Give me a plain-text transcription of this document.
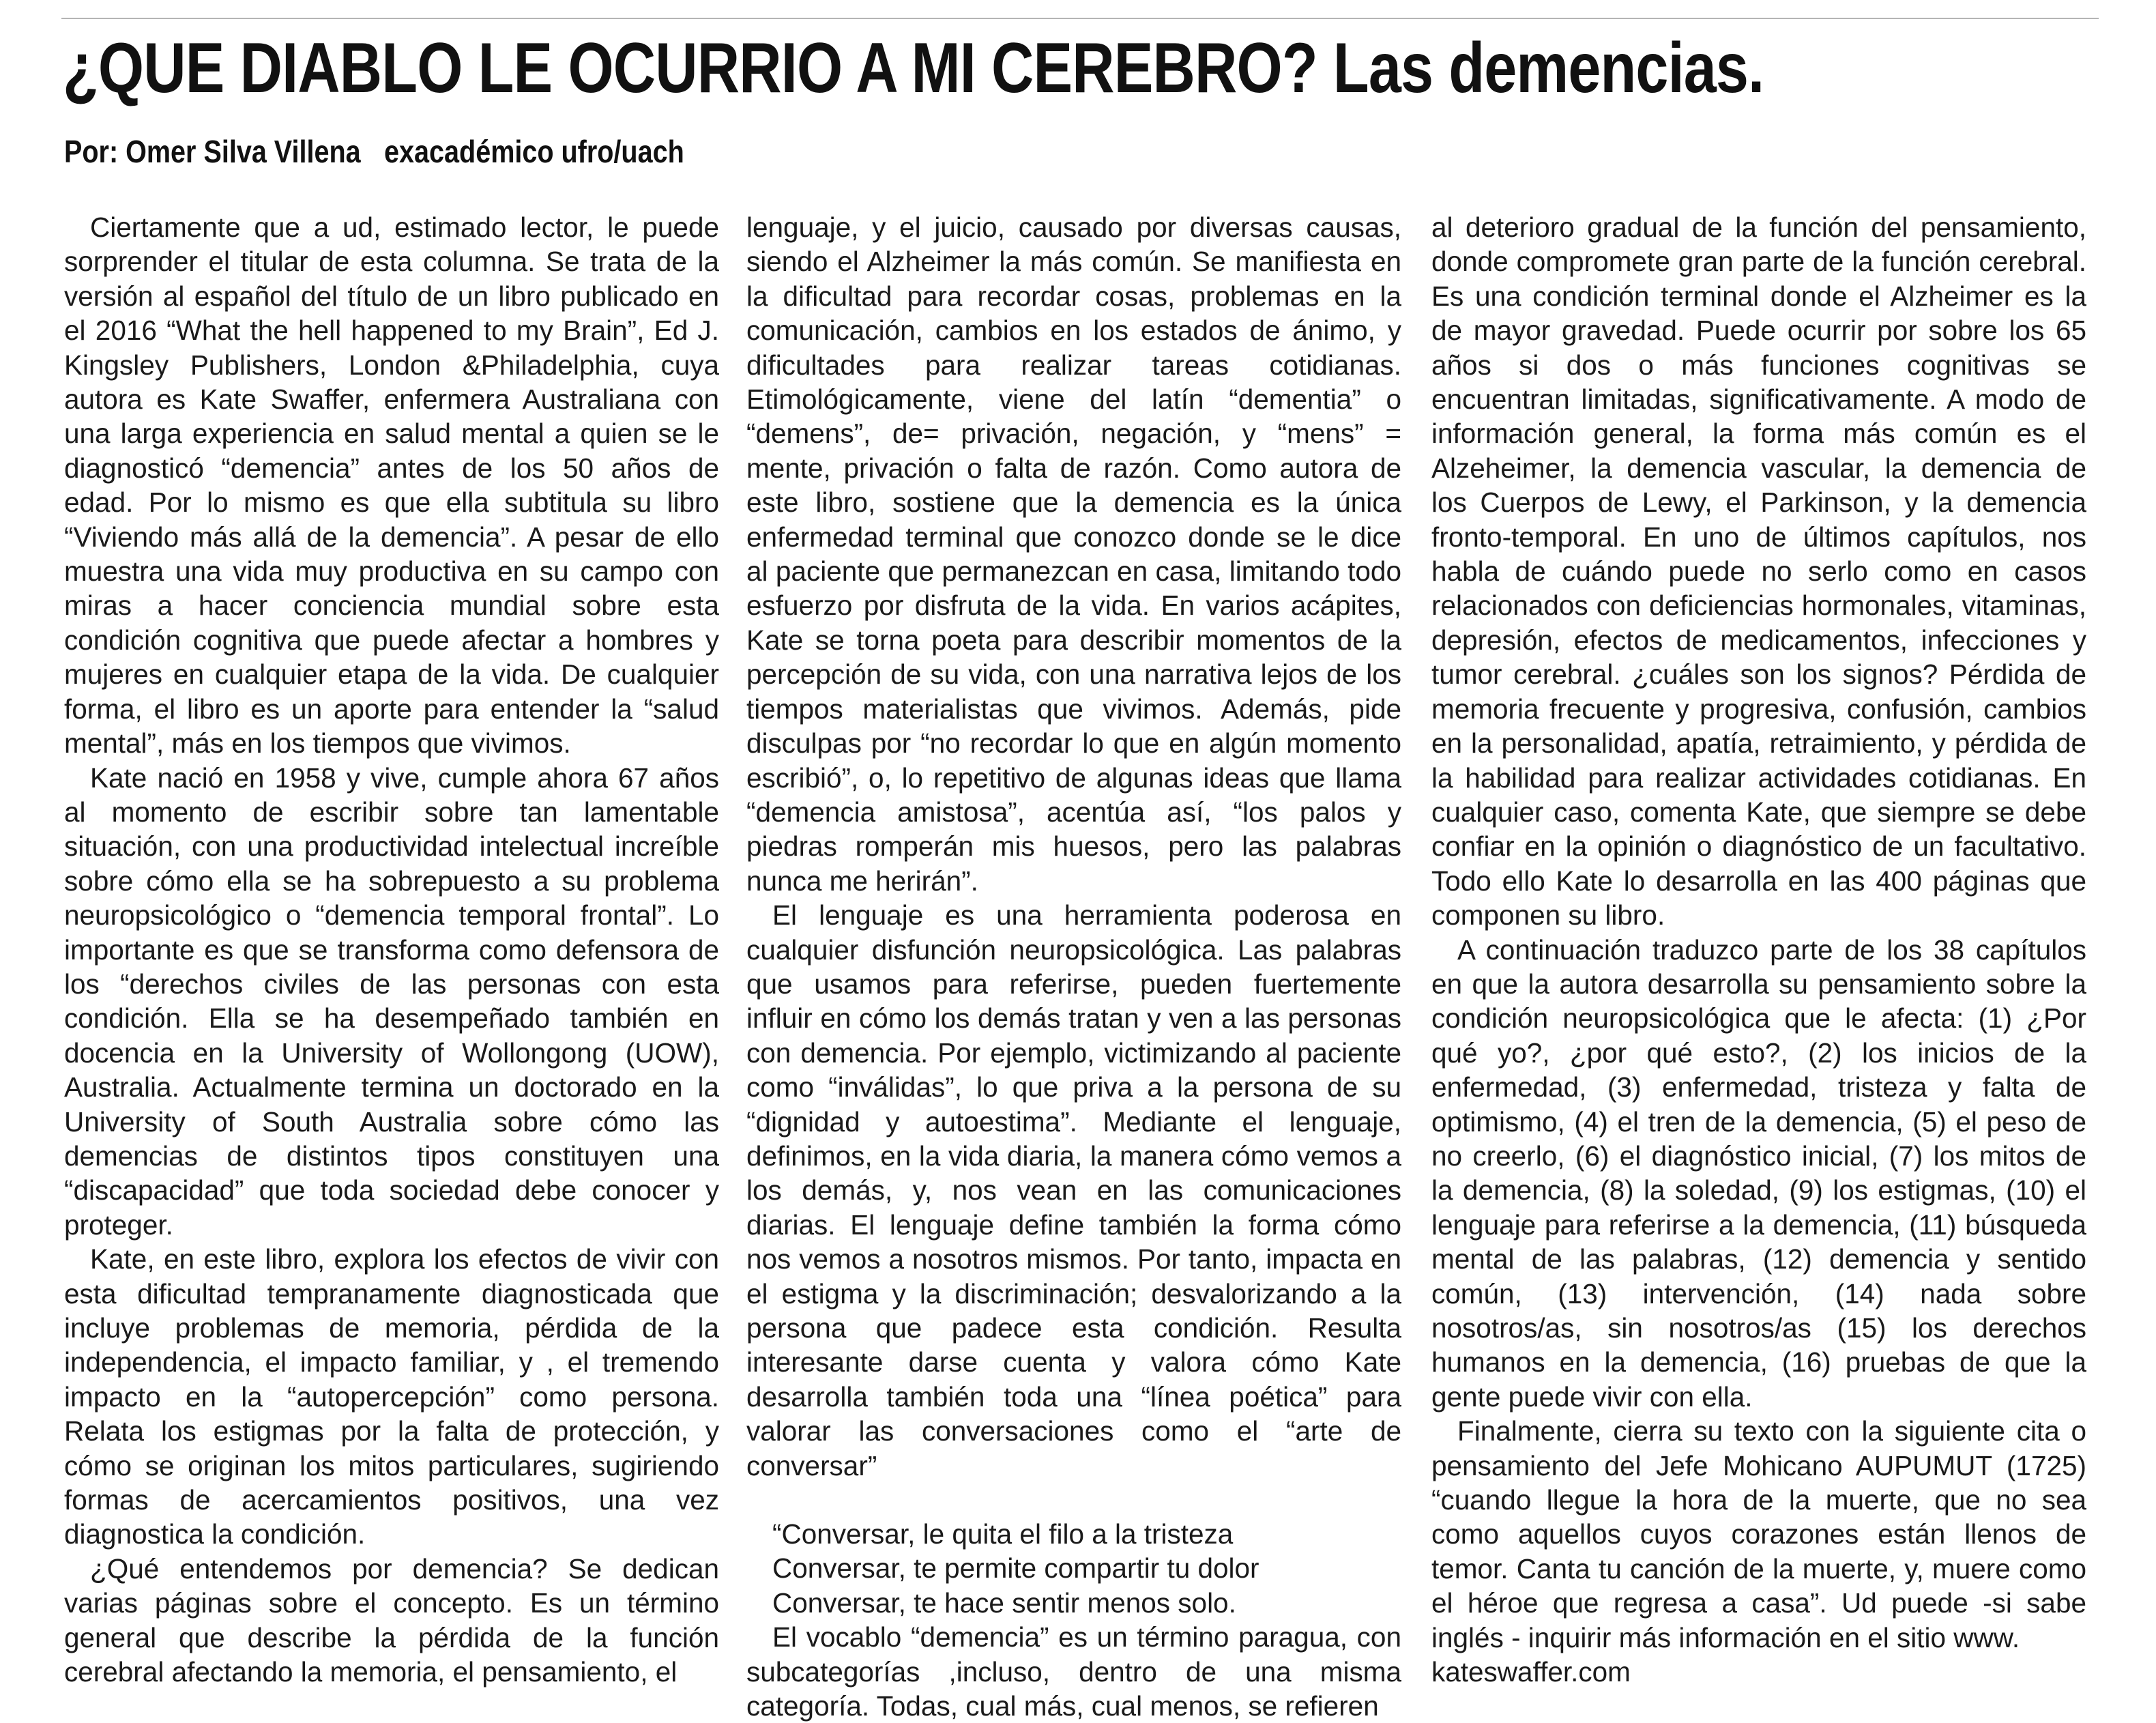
¿QUE DIABLO LE OCURRIO A MI CEREBRO? Las demencias.
Por: Omer Silva Villena exacadémico ufro/uach

Ciertamente que a ud, estimado lector, le puede sorprender el titular de esta columna. Se trata de la versión al español del título de un libro publicado en el 2016 “What the hell happened to my Brain”, Ed J. Kingsley Publishers, London &Philadelphia, cuya autora es Kate Swaffer, enfermera Australiana con una larga experiencia en salud mental a quien se le diagnosticó “demencia” antes de los 50 años de edad. Por lo mismo es que ella subtitula su libro “Viviendo más allá de la demencia”. A pesar de ello muestra una vida muy productiva en su campo con miras a hacer conciencia mundial sobre esta condición cognitiva que puede afectar a hombres y mujeres en cualquier etapa de la vida. De cualquier forma, el libro es un aporte para entender la “salud mental”, más en los tiempos que vivimos.

Kate nació en 1958 y vive, cumple ahora 67 años al momento de escribir sobre tan lamentable situación, con una productividad intelectual increíble sobre cómo ella se ha sobrepuesto a su problema neuropsicológico o “demencia temporal frontal”. Lo importante es que se transforma como defensora de los “derechos civiles de las personas con esta condición. Ella se ha desempeñado también en docencia en la University of Wollongong (UOW), Australia. Actualmente termina un doctorado en la University of South Australia sobre cómo las demencias de distintos tipos constituyen una “discapacidad” que toda sociedad debe conocer y proteger.

Kate, en este libro, explora los efectos de vivir con esta dificultad tempranamente diagnosticada que incluye problemas de memoria, pérdida de la independencia, el impacto familiar, y , el tremendo impacto en la “autopercepción” como persona. Relata los estigmas por la falta de protección, y cómo se originan los mitos particulares, sugiriendo formas de acercamientos positivos, una vez diagnostica la condición.

¿Qué entendemos por demencia? Se dedican varias páginas sobre el concepto. Es un término general que describe la pérdida de la función cerebral afectando la memoria, el pensamiento, el

lenguaje, y el juicio, causado por diversas causas, siendo el Alzheimer la más común. Se manifiesta en la dificultad para recordar cosas, problemas en la comunicación, cambios en los estados de ánimo, y dificultades para realizar tareas cotidianas. Etimológicamente, viene del latín “dementia” o “demens”, de= privación, negación, y “mens” = mente, privación o falta de razón. Como autora de este libro, sostiene que la demencia es la única enfermedad terminal que conozco donde se le dice al paciente que permanezcan en casa, limitando todo esfuerzo por disfruta de la vida. En varios acápites, Kate se torna poeta para describir momentos de la percepción de su vida, con una narrativa lejos de los tiempos materialistas que vivimos. Además, pide disculpas por “no recordar lo que en algún momento escribió”, o, lo repetitivo de algunas ideas que llama “demencia amistosa”, acentúa así, “los palos y piedras romperán mis huesos, pero las palabras nunca me herirán”.

El lenguaje es una herramienta poderosa en cualquier disfunción neuropsicológica. Las palabras que usamos para referirse, pueden fuertemente influir en cómo los demás tratan y ven a las personas con demencia. Por ejemplo, victimizando al paciente como “inválidas”, lo que priva a la persona de su “dignidad y autoestima”. Mediante el lenguaje, definimos, en la vida diaria, la manera cómo vemos a los demás, y, nos vean en las comunicaciones diarias. El lenguaje define también la forma cómo nos vemos a nosotros mismos. Por tanto, impacta en el estigma y la discriminación; desvalorizando a la persona que padece esta condición. Resulta interesante darse cuenta y valora cómo Kate desarrolla también toda una “línea poética” para valorar las conversaciones como el “arte de conversar”

“Conversar, le quita el filo a la tristeza
Conversar, te permite compartir tu dolor
Conversar, te hace sentir menos solo.

El vocablo “demencia” es un término paragua, con subcategorías ,incluso, dentro de una misma categoría. Todas, cual más, cual menos, se refieren

al deterioro gradual de la función del pensamiento, donde compromete gran parte de la función cerebral. Es una condición terminal donde el Alzheimer es la de mayor gravedad. Puede ocurrir por sobre los 65 años si dos o más funciones cognitivas se encuentran limitadas, significativamente. A modo de información general, la forma más común es el Alzeheimer, la demencia vascular, la demencia de los Cuerpos de Lewy, el Parkinson, y la demencia fronto-temporal. En uno de últimos capítulos, nos habla de cuándo puede no serlo como en casos relacionados con deficiencias hormonales, vitaminas, depresión, efectos de medicamentos, infecciones y tumor cerebral. ¿cuáles son los signos? Pérdida de memoria frecuente y progresiva, confusión, cambios en la personalidad, apatía, retraimiento, y pérdida de la habilidad para realizar actividades cotidianas. En cualquier caso, comenta Kate, que siempre se debe confiar en la opinión o diagnóstico de un facultativo. Todo ello Kate lo desarrolla en las 400 páginas que componen su libro.

A continuación traduzco parte de los 38 capítulos en que la autora desarrolla su pensamiento sobre la condición neuropsicológica que le afecta: (1) ¿Por qué yo?, ¿por qué esto?, (2) los inicios de la enfermedad, (3) enfermedad, tristeza y falta de optimismo, (4) el tren de la demencia, (5) el peso de no creerlo, (6) el diagnóstico inicial, (7) los mitos de la demencia, (8) la soledad, (9) los estigmas, (10) el lenguaje para referirse a la demencia, (11) búsqueda mental de las palabras, (12) demencia y sentido común, (13) intervención, (14) nada sobre nosotros/as, sin nosotros/as (15) los derechos humanos en la demencia, (16) pruebas de que la gente puede vivir con ella.

Finalmente, cierra su texto con la siguiente cita o pensamiento del Jefe Mohicano AUPUMUT (1725) “cuando llegue la hora de la muerte, que no sea como aquellos cuyos corazones están llenos de temor. Canta tu canción de la muerte, y, muere como el héroe que regresa a casa”. Ud puede -si sabe inglés - inquirir más información en el sitio www.

kateswaffer.com
